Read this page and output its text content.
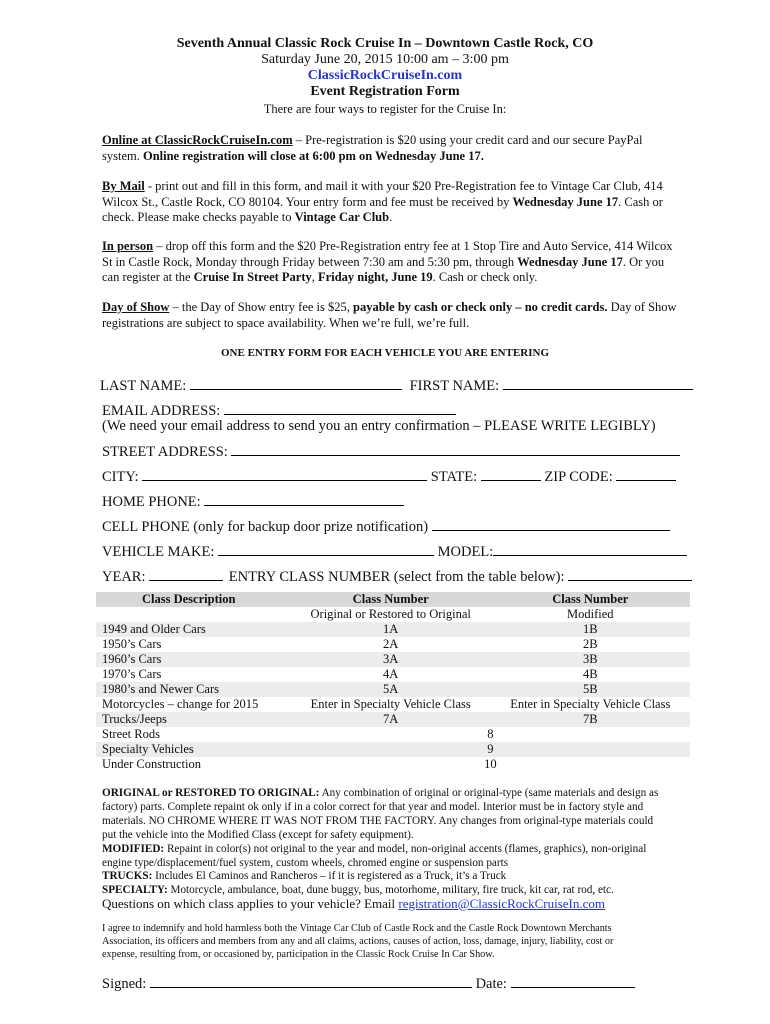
Seventh Annual Classic Rock Cruise In – Downtown Castle Rock, CO
Saturday June 20, 2015 10:00 am – 3:00 pm
ClassicRockCruiseIn.com
Event Registration Form
There are four ways to register for the Cruise In:
Online at ClassicRockCruiseIn.com – Pre-registration is $20 using your credit card and our secure PayPal system. Online registration will close at 6:00 pm on Wednesday June 17.
By Mail - print out and fill in this form, and mail it with your $20 Pre-Registration fee to Vintage Car Club, 414 Wilcox St., Castle Rock, CO 80104. Your entry form and fee must be received by Wednesday June 17. Cash or check. Please make checks payable to Vintage Car Club.
In person – drop off this form and the $20 Pre-Registration entry fee at 1 Stop Tire and Auto Service, 414 Wilcox St in Castle Rock, Monday through Friday between 7:30 am and 5:30 pm, through Wednesday June 17. Or you can register at the Cruise In Street Party, Friday night, June 19. Cash or check only.
Day of Show – the Day of Show entry fee is $25, payable by cash or check only – no credit cards. Day of Show registrations are subject to space availability. When we’re full, we’re full.
ONE ENTRY FORM FOR EACH VEHICLE YOU ARE ENTERING
LAST NAME:	FIRST NAME:
EMAIL ADDRESS:
(We need your email address to send you an entry confirmation – PLEASE WRITE LEGIBLY)
STREET ADDRESS:
CITY:	STATE:	ZIP CODE:
HOME PHONE:
CELL PHONE (only for backup door prize notification)
VEHICLE MAKE:	MODEL:
YEAR:	ENTRY CLASS NUMBER (select from the table below):
Class Description	Class Number	Class Number
	Original or Restored to Original	Modified
1949 and Older Cars	1A	1B
1950’s Cars	2A	2B
1960’s Cars	3A	3B
1970’s Cars	4A	4B
1980’s and Newer Cars	5A	5B
Motorcycles – change for 2015	Enter in Specialty Vehicle Class	Enter in Specialty Vehicle Class
Trucks/Jeeps	7A	7B
Street Rods	8	
Specialty Vehicles	9	
Under Construction	10	
ORIGINAL or RESTORED TO ORIGINAL: Any combination of original or original-type (same materials and design as factory) parts. Complete repaint ok only if in a color correct for that year and model. Interior must be in factory style and materials. NO CHROME WHERE IT WAS NOT FROM THE FACTORY. Any changes from original-type materials could put the vehicle into the Modified Class (except for safety equipment).
MODIFIED: Repaint in color(s) not original to the year and model, non-original accents (flames, graphics), non-original engine type/displacement/fuel system, custom wheels, chromed engine or suspension parts
TRUCKS: Includes El Caminos and Rancheros – if it is registered as a Truck, it’s a Truck
SPECIALTY: Motorcycle, ambulance, boat, dune buggy, bus, motorhome, military, fire truck, kit car, rat rod, etc.
Questions on which class applies to your vehicle? Email registration@ClassicRockCruiseIn.com
I agree to indemnify and hold harmless both the Vintage Car Club of Castle Rock and the Castle Rock Downtown Merchants Association, its officers and members from any and all claims, actions, causes of action, loss, damage, injury, liability, cost or expense, resulting from, or occasioned by, participation in the Classic Rock Cruise In Car Show.
Signed:	Date:
